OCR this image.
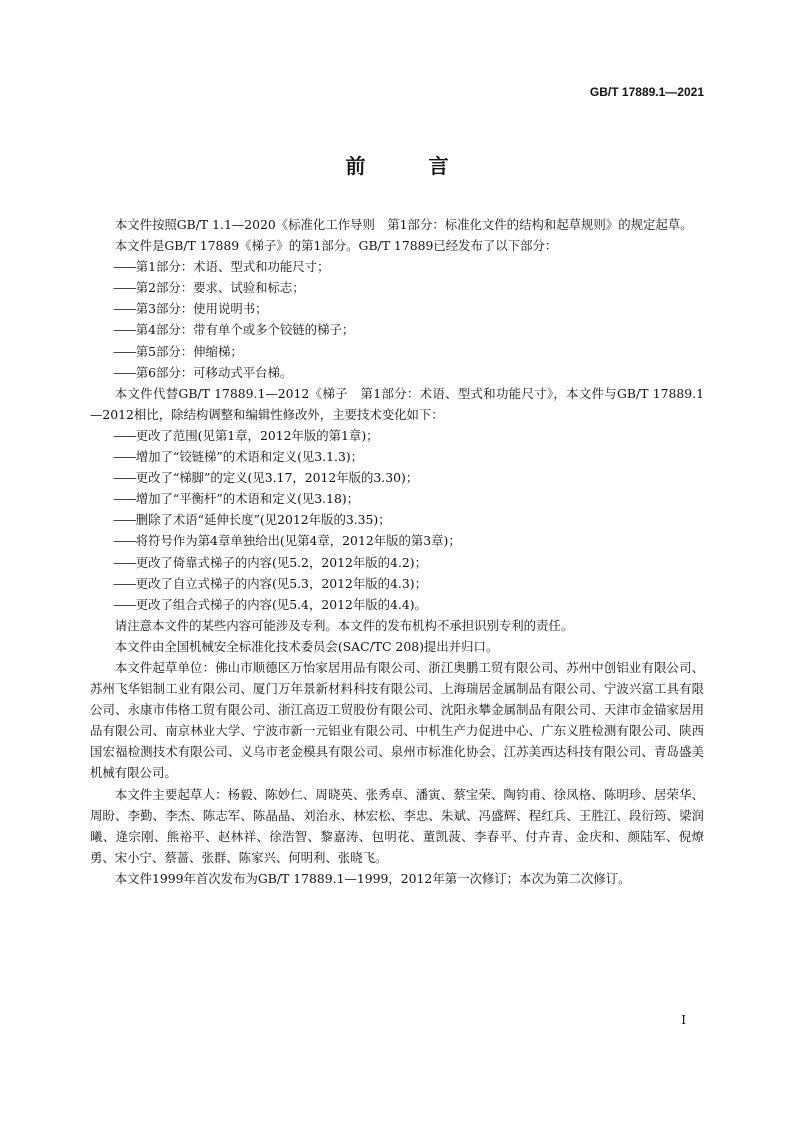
GB/T 17889.1—2021
前 言

本文件按照GB/T 1.1—2020《标准化工作导则　第1部分：标准化文件的结构和起草规则》的规定起草。

本文件是GB/T 17889《梯子》的第1部分。GB/T 17889已经发布了以下部分：

—— 第1部分：术语、型式和功能尺寸；

—— 第2部分：要求、试验和标志；

—— 第3部分：使用说明书；

—— 第4部分：带有单个或多个铰链的梯子；

—— 第5部分：伸缩梯；

—— 第6部分：可移动式平台梯。

本文件代替GB/T 17889.1—2012《梯子　第1部分：术语、型式和功能尺寸》，本文件与GB/T 17889.1—2012相比，除结构调整和编辑性修改外，主要技术变化如下：

—— 更改了范围(见第1章，2012年版的第1章)；

—— 增加了“铰链梯”的术语和定义(见3.1.3)；

—— 更改了“梯脚”的定义(见3.17，2012年版的3.30)；

—— 增加了“平衡杆”的术语和定义(见3.18)；

—— 删除了术语“延伸长度”(见2012年版的3.35)；

—— 将符号作为第4章单独给出(见第4章，2012年版的第3章)；

—— 更改了倚靠式梯子的内容(见5.2，2012年版的4.2)；

—— 更改了自立式梯子的内容(见5.3，2012年版的4.3)；

—— 更改了组合式梯子的内容(见5.4，2012年版的4.4)。

请注意本文件的某些内容可能涉及专利。本文件的发布机构不承担识别专利的责任。

本文件由全国机械安全标准化技术委员会(SAC/TC 208)提出并归口。

本文件起草单位：佛山市顺德区万怡家居用品有限公司、浙江奥鹏工贸有限公司、苏州中创铝业有限公司、苏州飞华铝制工业有限公司、厦门万年景新材料科技有限公司、上海瑞居金属制品有限公司、宁波兴富工具有限公司、永康市伟格工贸有限公司、浙江高迈工贸股份有限公司、沈阳永攀金属制品有限公司、天津市金锚家居用品有限公司、南京林业大学、宁波市新一元铝业有限公司、中机生产力促进中心、广东义胜检测有限公司、陕西国宏福检测技术有限公司、义乌市老金模具有限公司、泉州市标准化协会、江苏美西达科技有限公司、青岛盛美机械有限公司。

本文件主要起草人：杨毅、陈妙仁、周晓英、张秀卓、潘寅、蔡宝荣、陶钧甫、徐凤格、陈明珍、居荣华、周盼、李勤、李杰、陈志军、陈晶晶、刘治永、林宏松、李忠、朱斌、冯盛辉、程红兵、王胜江、段衍筠、梁润曦、逄宗刚、熊裕平、赵林祥、徐浩智、黎嘉涛、包明花、董凯菠、李春平、付卉青、金庆和、颜陆军、倪燎勇、宋小宁、蔡蔷、张群、陈家兴、何明利、张晓飞。

本文件1999年首次发布为GB/T 17889.1—1999，2012年第一次修订；本次为第二次修订。

I
